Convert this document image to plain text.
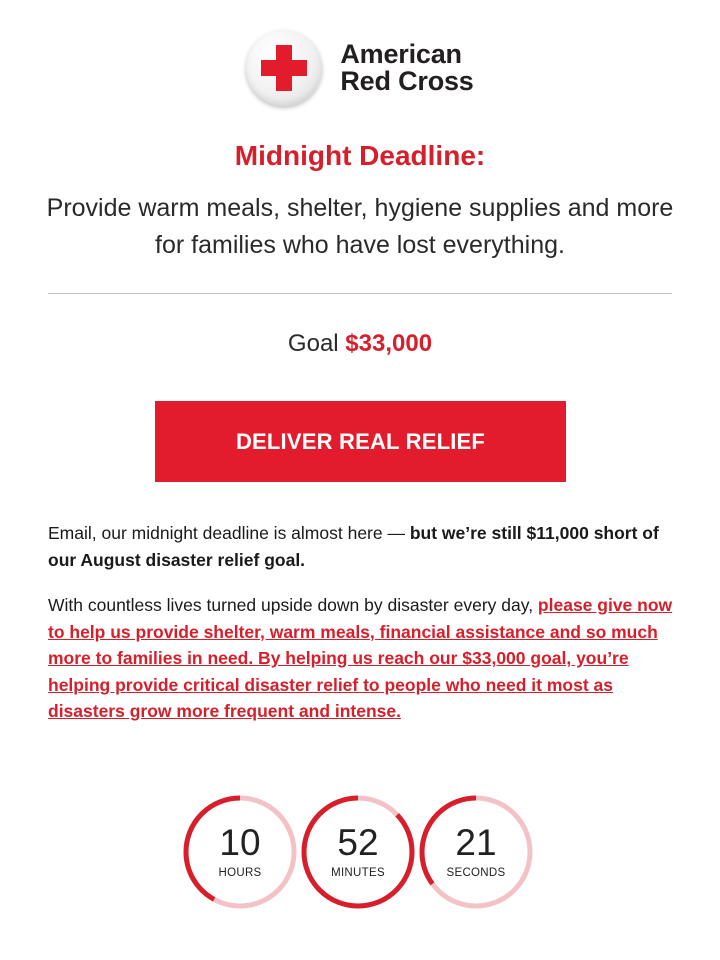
American
Red Cross
Midnight Deadline:
Provide warm meals, shelter, hygiene supplies and more for families who have lost everything.
Goal $33,000
DELIVER REAL RELIEF
Email, our midnight deadline is almost here — but we’re still $11,000 short of our August disaster relief goal.
With countless lives turned upside down by disaster every day, please give now to help us provide shelter, warm meals, financial assistance and so much more to families in need. By helping us reach our $33,000 goal, you’re helping provide critical disaster relief to people who need it most as disasters grow more frequent and intense.
10
HOURS
52
MINUTES
21
SECONDS
